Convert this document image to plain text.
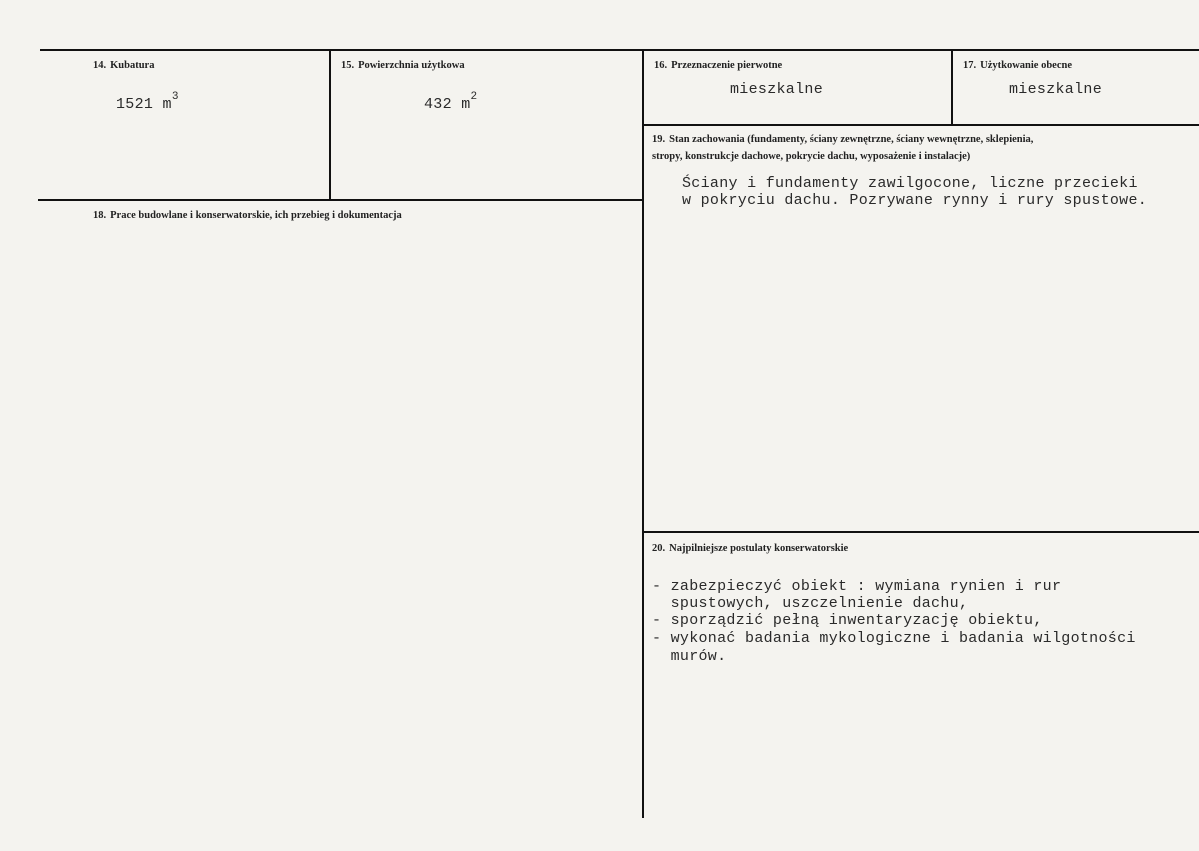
14. Kubatura
1521 $m^3$
15. Powierzchnia użytkowa
432 $m^2$
16. Przeznaczenie pierwotne
mieszkalne
17. Użytkowanie obecne
mieszkalne
18. Prace budowlane i konserwatorskie, ich przebieg i dokumentacja
19. Stan zachowania (fundamenty, ściany zewnętrzne, ściany wewnętrzne, sklepienia,
stropy, konstrukcje dachowe, pokrycie dachu, wyposażenie i instalacje)
Ściany i fundamenty zawilgocone, liczne przecieki
w pokryciu dachu. Pozrywane rynny i rury spustowe.
20. Najpilniejsze postulaty konserwatorskie
- zabezpieczyć obiekt : wymiana rynien i rur
spustowych, uszczelnienie dachu,
- sporządzić pełną inwentaryzację obiektu,
- wykonać badania mykologiczne i badania wilgotności
murów.
